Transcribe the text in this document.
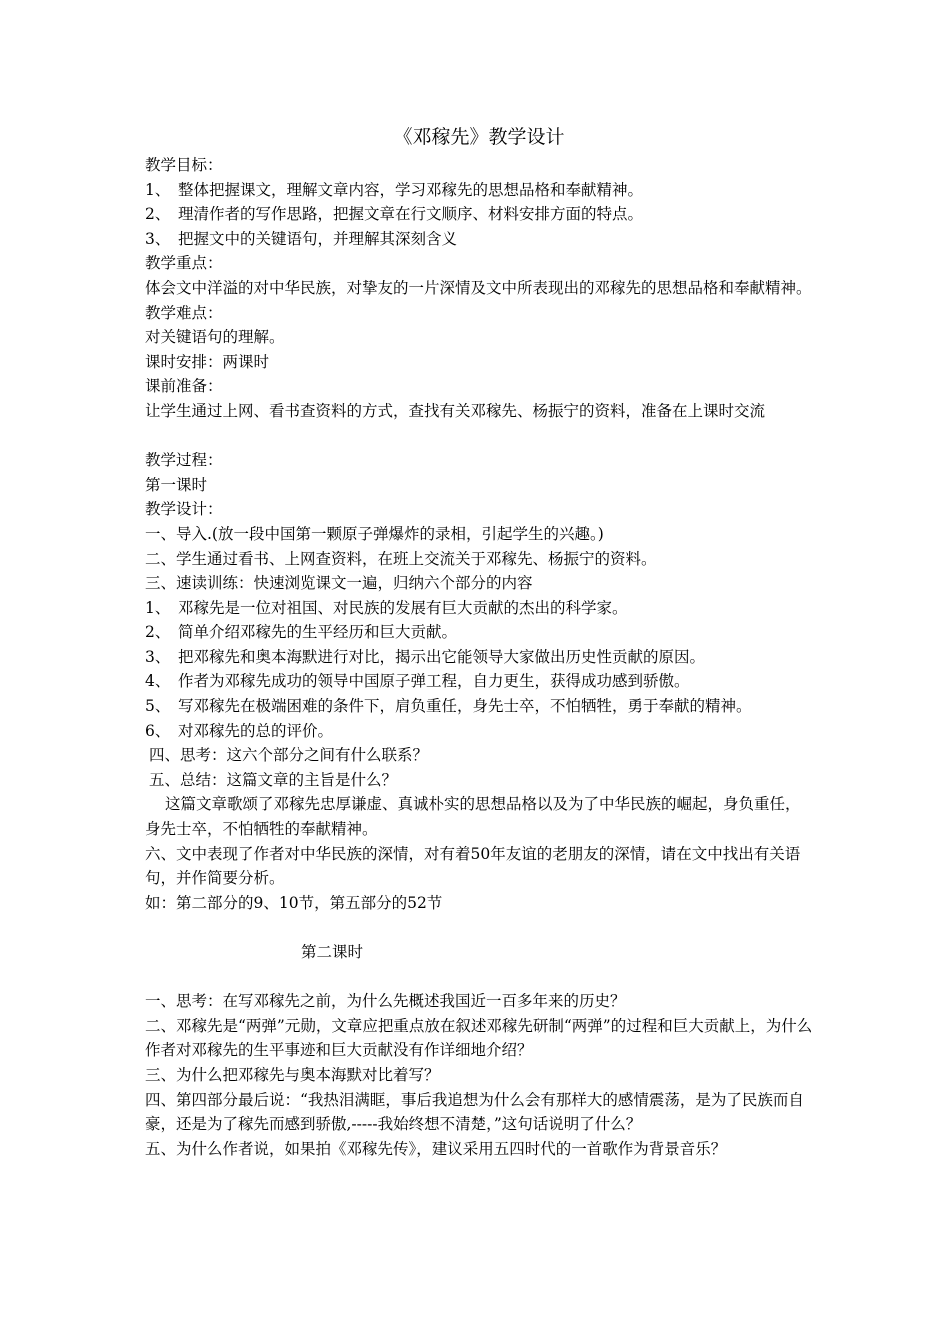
《邓稼先》教学设计
教学目标：
1、 整体把握课文，理解文章内容，学习邓稼先的思想品格和奉献精神。
2、 理清作者的写作思路，把握文章在行文顺序、材料安排方面的特点。
3、 把握文中的关键语句，并理解其深刻含义
教学重点：
体会文中洋溢的对中华民族，对挚友的一片深情及文中所表现出的邓稼先的思想品格和奉献精神。
教学难点：
对关键语句的理解。
课时安排：两课时
课前准备：
让学生通过上网、看书查资料的方式，查找有关邓稼先、杨振宁的资料，准备在上课时交流
教学过程：
第一课时
教学设计：
一、导入.(放一段中国第一颗原子弹爆炸的录相，引起学生的兴趣。)
二、学生通过看书、上网查资料，在班上交流关于邓稼先、杨振宁的资料。
三、速读训练：快速浏览课文一遍，归纳六个部分的内容
1、 邓稼先是一位对祖国、对民族的发展有巨大贡献的杰出的科学家。
2、 简单介绍邓稼先的生平经历和巨大贡献。
3、 把邓稼先和奥本海默进行对比，揭示出它能领导大家做出历史性贡献的原因。
4、 作者为邓稼先成功的领导中国原子弹工程，自力更生，获得成功感到骄傲。
5、 写邓稼先在极端困难的条件下，肩负重任，身先士卒，不怕牺牲，勇于奉献的精神。
6、 对邓稼先的总的评价。
四、思考：这六个部分之间有什么联系？
五、总结：这篇文章的主旨是什么？
这篇文章歌颂了邓稼先忠厚谦虚、真诚朴实的思想品格以及为了中华民族的崛起，身负重任，身先士卒，不怕牺牲的奉献精神。
六、文中表现了作者对中华民族的深情，对有着50年友谊的老朋友的深情，请在文中找出有关语句，并作简要分析。
如：第二部分的9、10节，第五部分的52节
第二课时
一、思考：在写邓稼先之前，为什么先概述我国近一百多年来的历史？
二、邓稼先是“两弹”元勋，文章应把重点放在叙述邓稼先研制“两弹”的过程和巨大贡献上，为什么作者对邓稼先的生平事迹和巨大贡献没有作详细地介绍？
三、为什么把邓稼先与奥本海默对比着写？
四、第四部分最后说：“我热泪满眶，事后我追想为什么会有那样大的感情震荡，是为了民族而自豪，还是为了稼先而感到骄傲,-----我始终想不清楚，”这句话说明了什么？
五、为什么作者说，如果拍《邓稼先传》，建议采用五四时代的一首歌作为背景音乐？
